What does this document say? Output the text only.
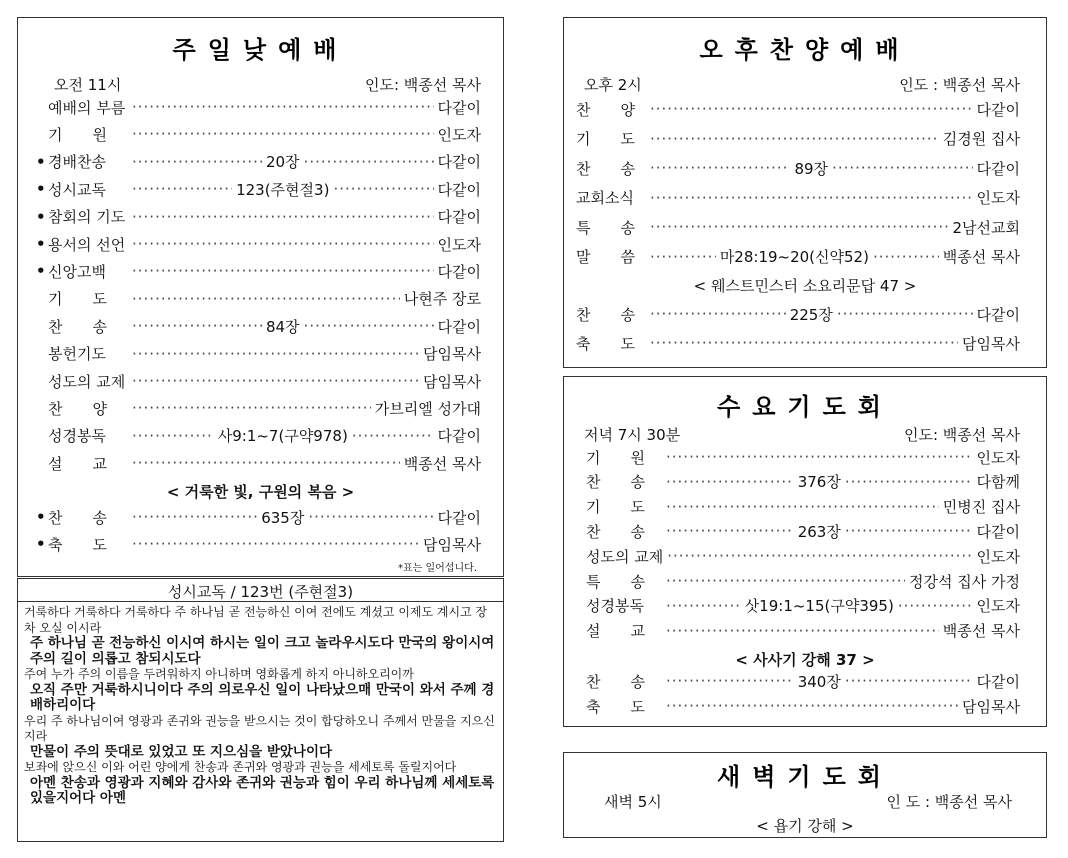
주일낮예배
오전 11시	인도: 백종선 목사
예배의 부름 ·····	다같이
기　　원 ·····	인도자
• 경배찬송 ·····	20장 ·····	다같이
• 성시교독 ·····	123(주현절3) ·····	다같이
• 참회의 기도 ·····	다같이
• 용서의 선언 ·····	인도자
• 신앙고백 ·····	다같이
기　　도 ·····	나현주 장로
찬　　송 ·····	84장 ·····	다같이
봉헌기도 ·····	담임목사
성도의 교제 ·····	담임목사
찬　　양 ·····	가브리엘 성가대
성경봉독 ·····	사9:1~7(구약978) ·····	다같이
설　　교 ·····	백종선 목사
< 거룩한 빛, 구원의 복음 >
• 찬　　송 ·····	635장 ·····	다같이
• 축　　도 ·····	담임목사
*표는 일어섭니다.
성시교독 / 123번 (주현절3)

거룩하다 거룩하다 거룩하다 주 하나님 곧 전능하신 이여 전에도 계셨고 이제도 계시고 장차 오실 이시라

주 하나님 곧 전능하신 이시여 하시는 일이 크고 놀라우시도다 만국의 왕이시여 주의 길이 의롭고 참되시도다

주여 누가 주의 이름을 두려워하지 아니하며 영화롭게 하지 아니하오리이까

오직 주만 거룩하시니이다 주의 의로우신 일이 나타났으매 만국이 와서 주께 경배하리이다

우리 주 하나님이여 영광과 존귀와 권능을 받으시는 것이 합당하오니 주께서 만물을 지으신지라

만물이 주의 뜻대로 있었고 또 지으심을 받았나이다

보좌에 앉으신 이와 어린 양에게 찬송과 존귀와 영광과 권능을 세세토록 돌릴지어다

아멘 찬송과 영광과 지혜와 감사와 존귀와 권능과 힘이 우리 하나님께 세세토록 있을지어다 아멘

오후찬양예배
오후 2시	인도 : 백종선 목사
찬　　양 ·····	다같이
기　　도 ·····	김경원 집사
찬　　송 ·····	89장 ·····	다같이
교회소식 ·····	인도자
특　　송 ·····	2남선교회
말　　씀 ·····	마28:19~20(신약52) ·····	백종선 목사
< 웨스트민스터 소요리문답 47 >
찬　　송 ·····	225장 ·····	다같이
축　　도 ·····	담임목사
수요기도회
저녁 7시 30분	인도: 백종선 목사
기　　원 ·····	인도자
찬　　송 ·····	376장 ·····	다함께
기　　도 ·····	민병진 집사
찬　　송 ·····	263장 ·····	다같이
성도의 교제 ·····	인도자
특　　송 ·····	정강석 집사 가정
성경봉독 ·····	삿19:1~15(구약395) ·····	인도자
설　　교 ·····	백종선 목사
< 사사기 강해 37 >
찬　　송 ·····	340장 ·····	다같이
축　　도 ·····	담임목사
새벽기도회
새벽 5시	인 도 : 백종선 목사
< 욥기 강해 >
